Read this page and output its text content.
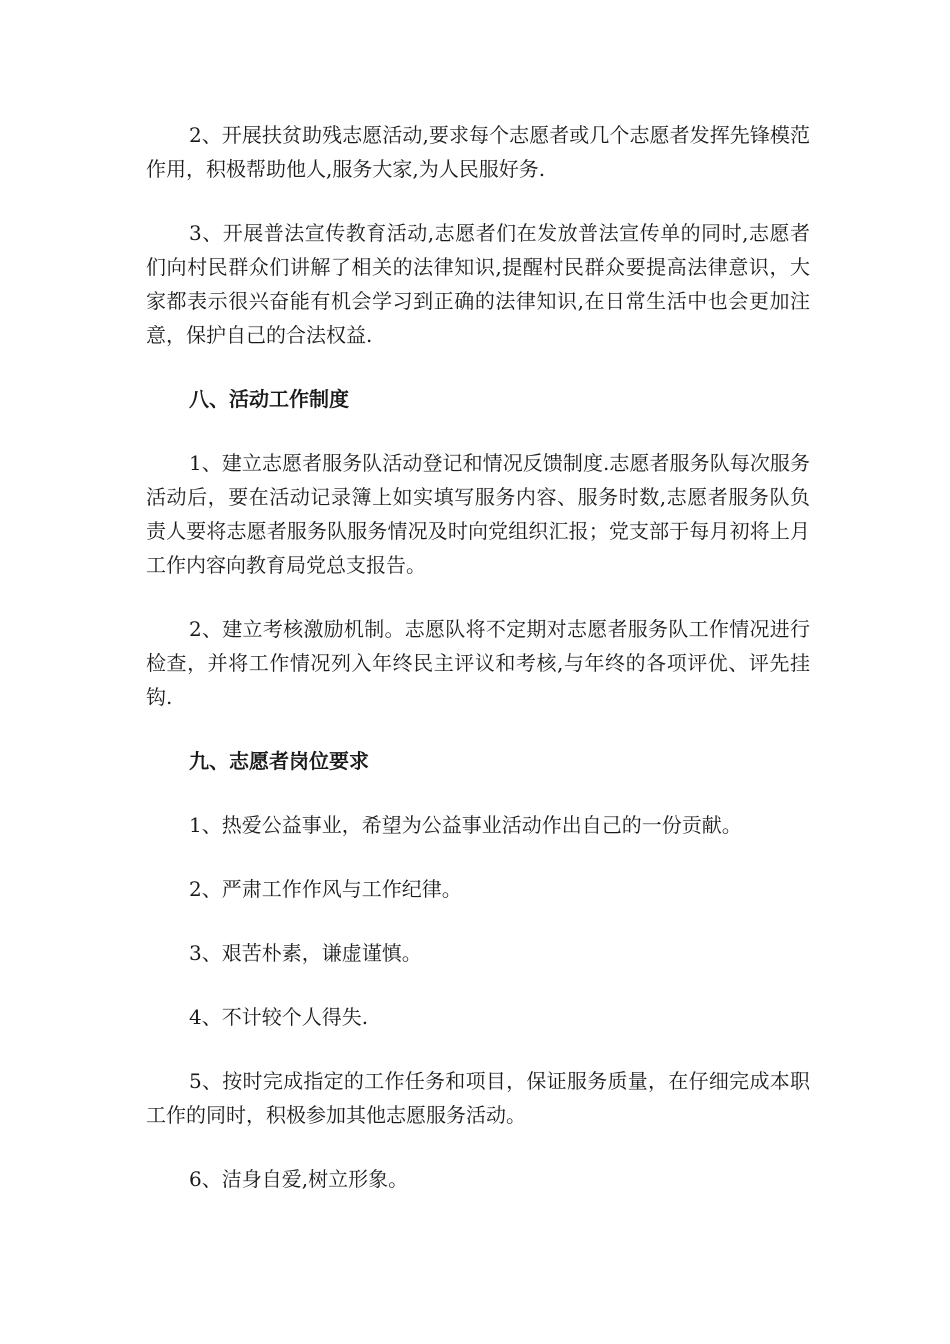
2、开展扶贫助残志愿活动,要求每个志愿者或几个志愿者发挥先锋模范作用，积极帮助他人,服务大家,为人民服好务.

3、开展普法宣传教育活动,志愿者们在发放普法宣传单的同时,志愿者们向村民群众们讲解了相关的法律知识,提醒村民群众要提高法律意识，大家都表示很兴奋能有机会学习到正确的法律知识,在日常生活中也会更加注意，保护自己的合法权益.

八、活动工作制度

1、建立志愿者服务队活动登记和情况反馈制度.志愿者服务队每次服务活动后，要在活动记录簿上如实填写服务内容、服务时数,志愿者服务队负责人要将志愿者服务队服务情况及时向党组织汇报；党支部于每月初将上月工作内容向教育局党总支报告。

2、建立考核激励机制。志愿队将不定期对志愿者服务队工作情况进行检查，并将工作情况列入年终民主评议和考核,与年终的各项评优、评先挂钩.

九、志愿者岗位要求

1、热爱公益事业，希望为公益事业活动作出自己的一份贡献。

2、严肃工作作风与工作纪律。

3、艰苦朴素，谦虚谨慎。

4、不计较个人得失.

5、按时完成指定的工作任务和项目，保证服务质量，在仔细完成本职工作的同时，积极参加其他志愿服务活动。

6、洁身自爱,树立形象。
